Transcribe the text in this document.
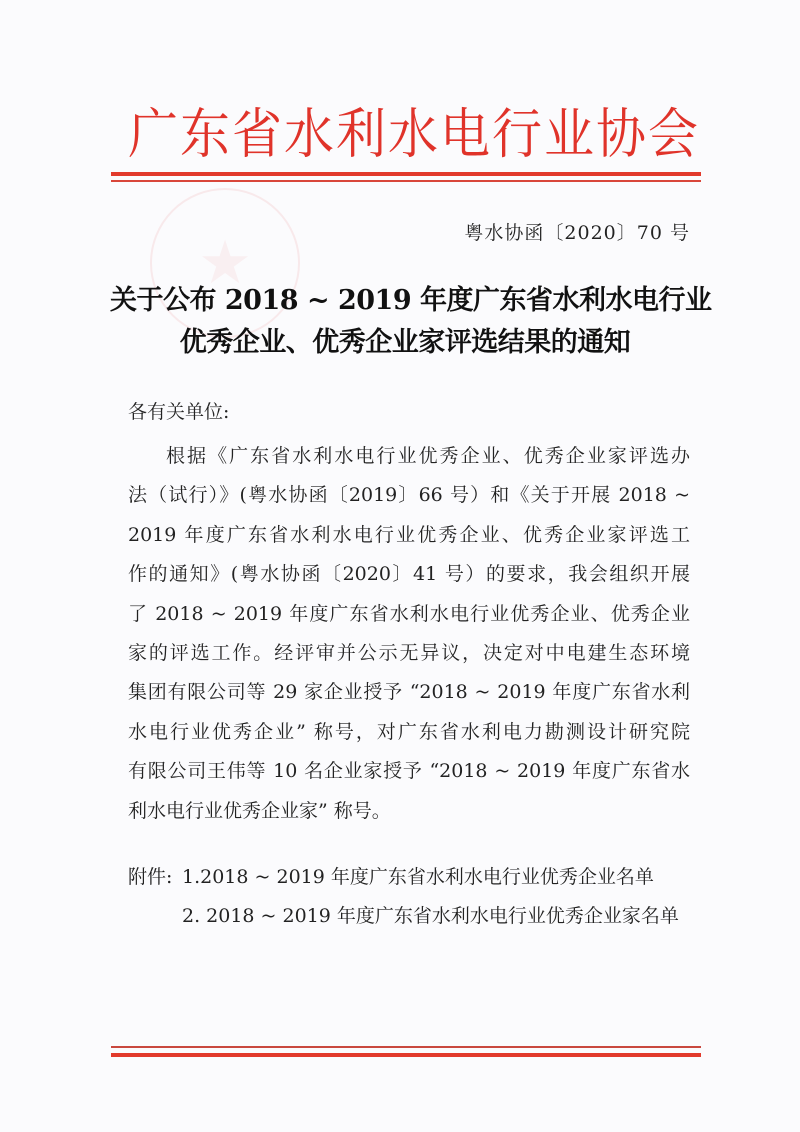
广 东 省 水 利 水 电 行 业 协 会
★	粤水协函〔2020〕70 号
关于公布 2018 ~ 2019 年度广东省水利水电行业
优秀企业、优秀企业家评选结果的通知
各有关单位:
根据《广东省水利水电行业优秀企业、优秀企业家评选办
法（试行）》(粤水协函〔2019〕66 号）和《关于开展 2018 ~
2019 年度广东省水利水电行业优秀企业、优秀企业家评选工
作的通知》(粤水协函〔2020〕41 号）的要求，我会组织开展
了 2018 ~ 2019 年度广东省水利水电行业优秀企业、优秀企业
家的评选工作。经评审并公示无异议，决定对中电建生态环境
集团有限公司等 29 家企业授予 “2018 ~ 2019 年度广东省水利
水电行业优秀企业” 称号，对广东省水利电力勘测设计研究院
有限公司王伟等 10 名企业家授予 “2018 ~ 2019 年度广东省水
利水电行业优秀企业家” 称号。
附件: 1.2018 ~ 2019 年度广东省水利水电行业优秀企业名单
2. 2018 ~ 2019 年度广东省水利水电行业优秀企业家名单
